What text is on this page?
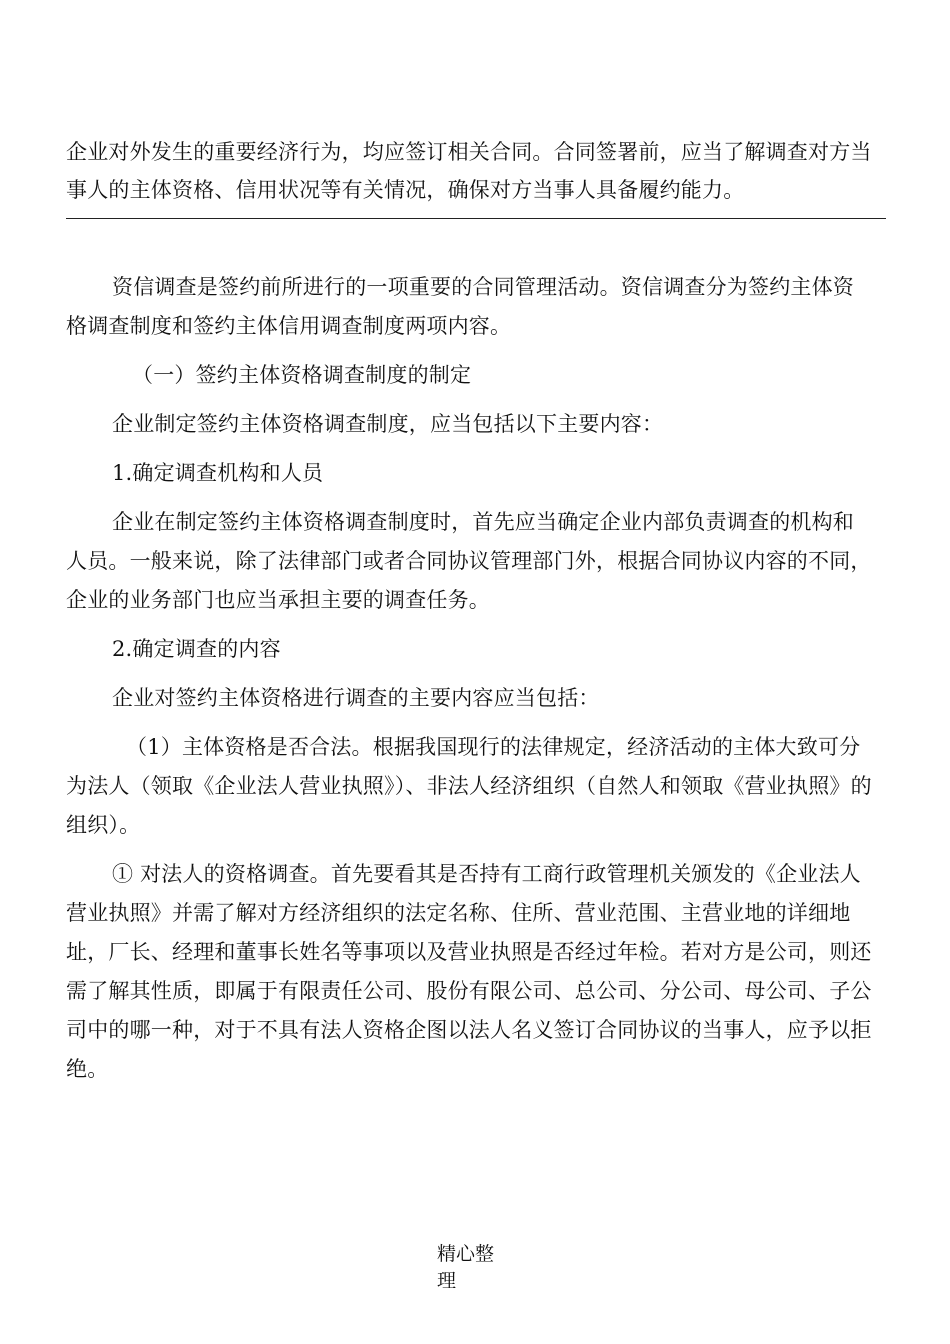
企业对外发生的重要经济行为，均应签订相关合同。合同签署前，应当了解调查对方当事人的主体资格、信用状况等有关情况，确保对方当事人具备履约能力。

资信调查是签约前所进行的一项重要的合同管理活动。资信调查分为签约主体资格调查制度和签约主体信用调查制度两项内容。

（一）签约主体资格调查制度的制定

企业制定签约主体资格调查制度，应当包括以下主要内容：

1.确定调查机构和人员

企业在制定签约主体资格调查制度时，首先应当确定企业内部负责调查的机构和人员。一般来说，除了法律部门或者合同协议管理部门外，根据合同协议内容的不同，企业的业务部门也应当承担主要的调查任务。

2.确定调查的内容

企业对签约主体资格进行调查的主要内容应当包括：

（1）主体资格是否合法。根据我国现行的法律规定，经济活动的主体大致可分为法人（领取《企业法人营业执照》）、非法人经济组织（自然人和领取《营业执照》的组织）。

① 对法人的资格调查。首先要看其是否持有工商行政管理机关颁发的《企业法人营业执照》并需了解对方经济组织的法定名称、住所、营业范围、主营业地的详细地址，厂长、经理和董事长姓名等事项以及营业执照是否经过年检。若对方是公司，则还需了解其性质，即属于有限责任公司、股份有限公司、总公司、分公司、母公司、子公司中的哪一种，对于不具有法人资格企图以法人名义签订合同协议的当事人，应予以拒绝。

精心整理
